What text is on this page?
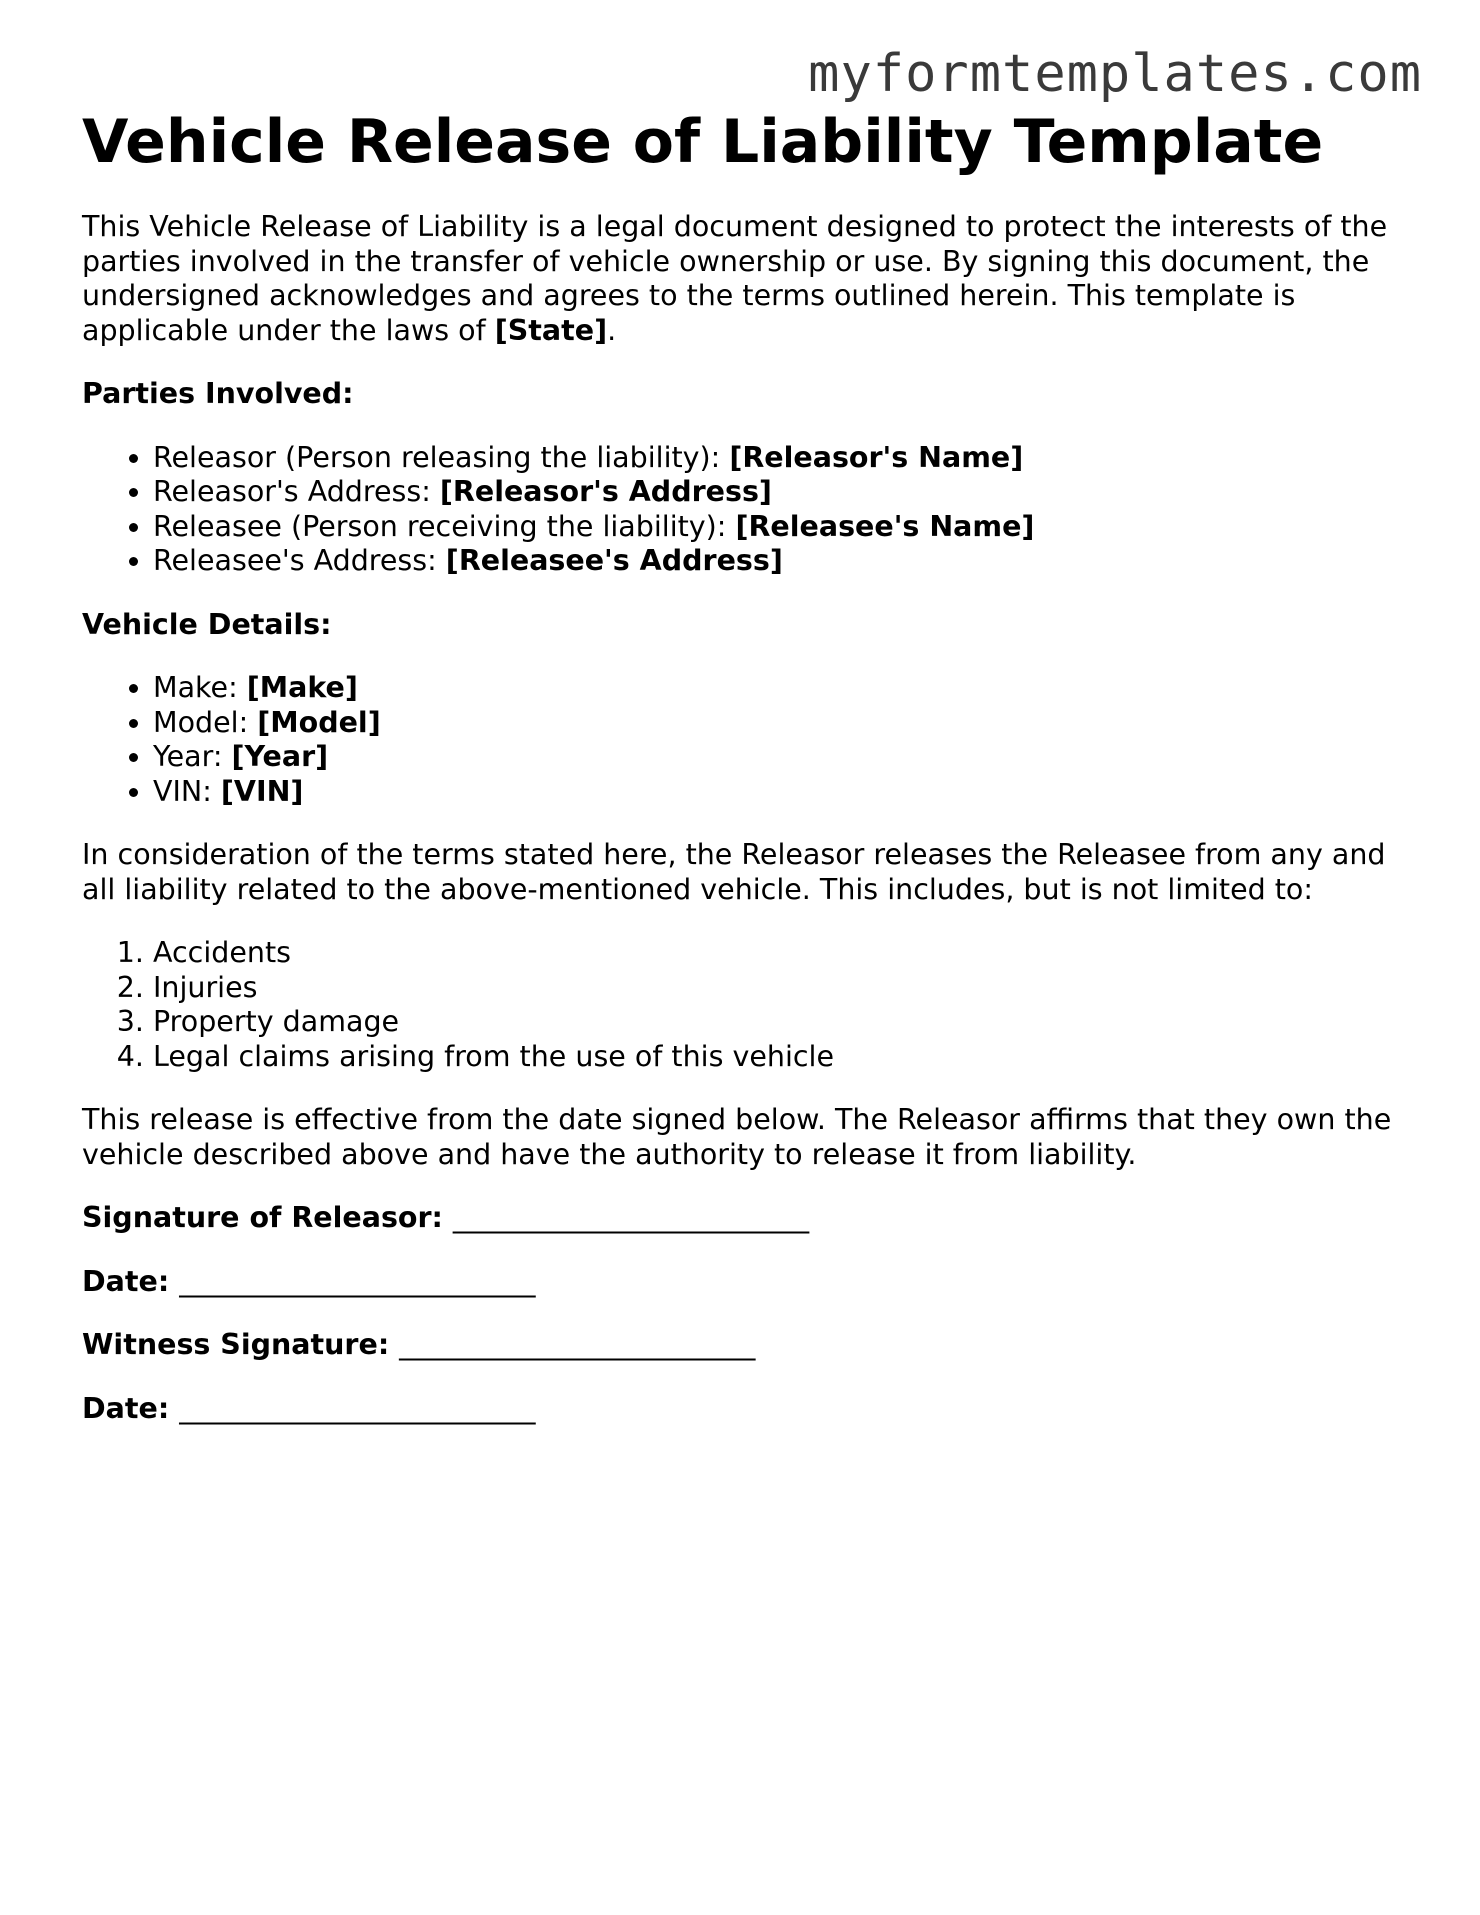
myformtemplates.com
Vehicle Release of Liability Template

This Vehicle Release of Liability is a legal document designed to protect the interests of the parties involved in the transfer of vehicle ownership or use. By signing this document, the undersigned acknowledges and agrees to the terms outlined herein. This template is applicable under the laws of [State].

Parties Involved:

• Releasor (Person releasing the liability): [Releasor's Name]
• Releasor's Address: [Releasor's Address]
• Releasee (Person receiving the liability): [Releasee's Name]
• Releasee's Address: [Releasee's Address]

Vehicle Details:

• Make: [Make]
• Model: [Model]
• Year: [Year]
• VIN: [VIN]

In consideration of the terms stated here, the Releasor releases the Releasee from any and all liability related to the above-mentioned vehicle. This includes, but is not limited to:

1. Accidents
2. Injuries
3. Property damage
4. Legal claims arising from the use of this vehicle

This release is effective from the date signed below. The Releasor affirms that they own the vehicle described above and have the authority to release it from liability.

Signature of Releasor: _________________________

Date: _________________________

Witness Signature: _________________________

Date: _________________________
